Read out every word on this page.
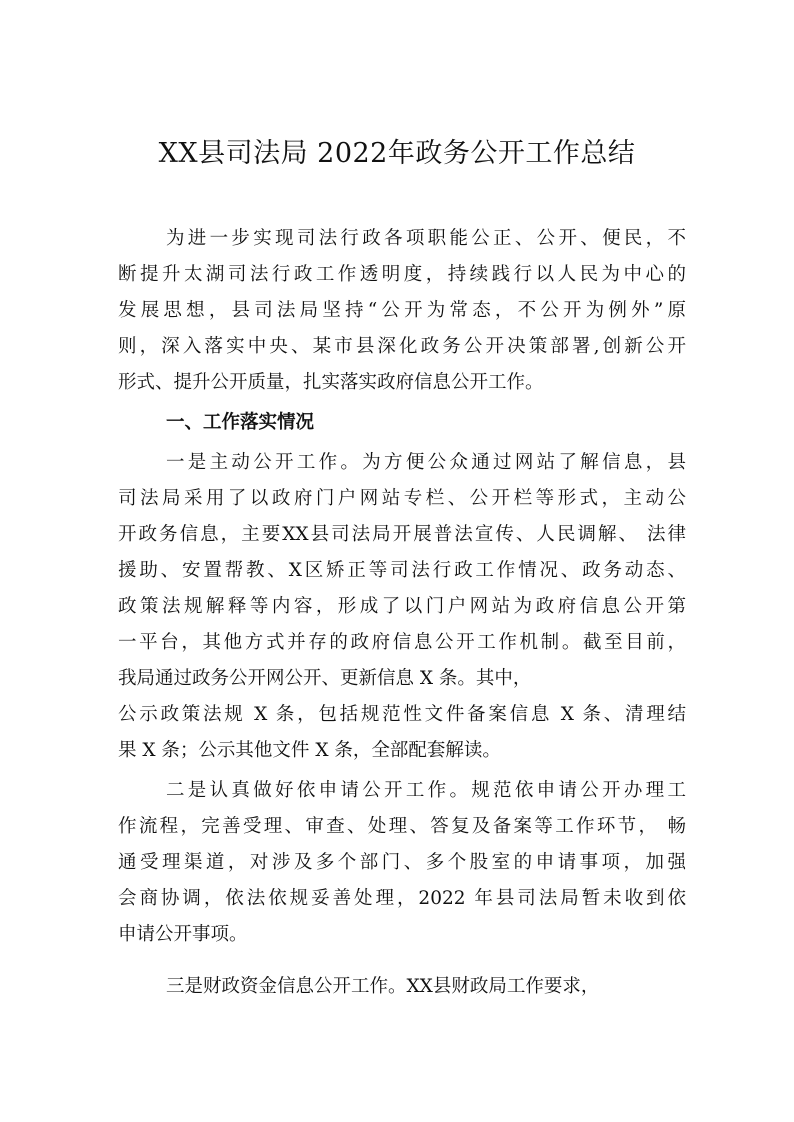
XX县司法局 2022年政务公开工作总结

为进一步实现司法行政各项职能公正、公开、便民，不

断提升太湖司法行政工作透明度，持续践行以人民为中心的

发展思想，县司法局坚持“公开为常态，不公开为例外”原

则，深入落实中央、某市县深化政务公开决策部署,创新公开

形式、提升公开质量，扎实落实政府信息公开工作。

一、工作落实情况

一是主动公开工作。为方便公众通过网站了解信息，县

司法局采用了以政府门户网站专栏、公开栏等形式，主动公

开政务信息，主要XX县司法局开展普法宣传、人民调解、 法律

援助、安置帮教、X区矫正等司法行政工作情况、政务动态、

政策法规解释等内容，形成了以门户网站为政府信息公开第

一平台，其他方式并存的政府信息公开工作机制。截至目前，

我局通过政务公开网公开、更新信息 X 条。其中，

公示政策法规 X 条，包括规范性文件备案信息 X 条、清理结

果 X 条；公示其他文件 X 条，全部配套解读。

二是认真做好依申请公开工作。规范依申请公开办理工

作流程，完善受理、审查、处理、答复及备案等工作环节， 畅

通受理渠道，对涉及多个部门、多个股室的申请事项，加强

会商协调，依法依规妥善处理，2022 年县司法局暂未收到依

申请公开事项。

三是财政资金信息公开工作。XX县财政局工作要求，
